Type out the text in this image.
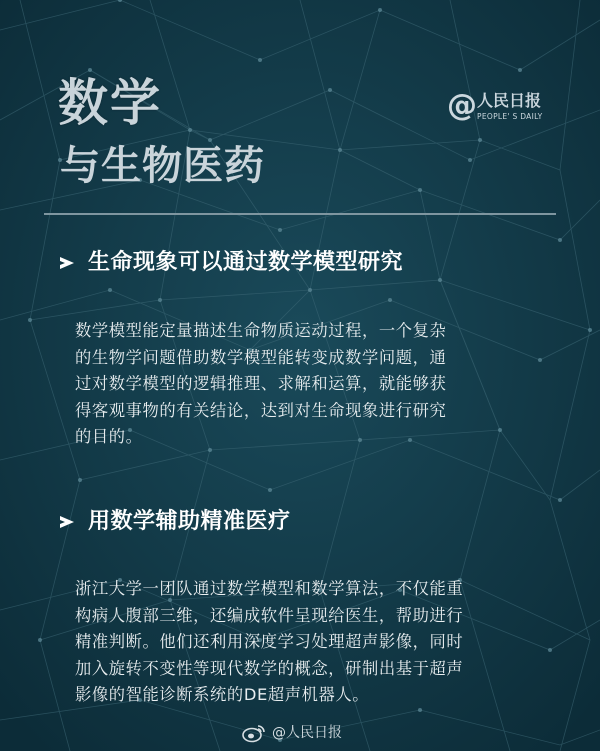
数学
与生物医药
@ 人民日报
PEOPLE' S DAILY
生命现象可以通过数学模型研究
数学模型能定量描述生命物质运动过程，一个复杂
的生物学问题借助数学模型能转变成数学问题，通
过对数学模型的逻辑推理、求解和运算，就能够获
得客观事物的有关结论，达到对生命现象进行研究
的目的。
用数学辅助精准医疗
浙江大学一团队通过数学模型和数学算法，不仅能重
构病人腹部三维，还编成软件呈现给医生，帮助进行
精准判断。他们还利用深度学习处理超声影像，同时
加入旋转不变性等现代数学的概念，研制出基于超声
影像的智能诊断系统的DE超声机器人。
@人民日报
